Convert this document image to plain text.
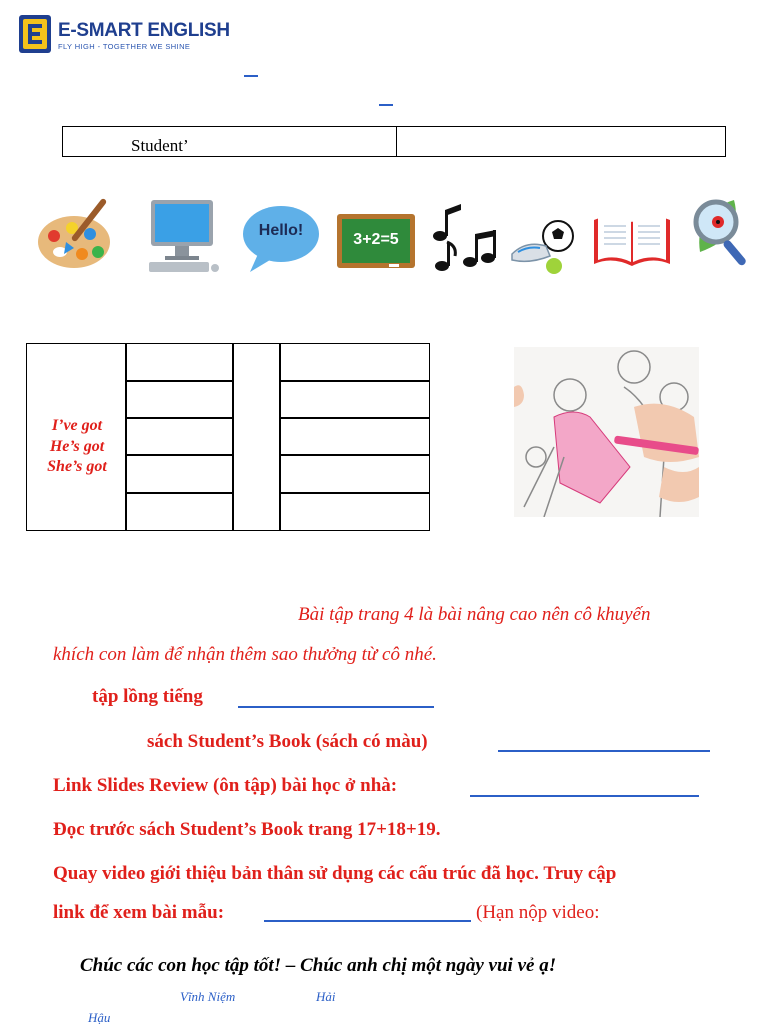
E-SMART ENGLISH
FLY HIGH - TOGETHER WE SHINE
Student’
Hello!
3+2=5
I’ve got
He’s got
She’s got
Bài tập trang 4 là bài nâng cao nên cô khuyến
khích con làm để nhận thêm sao thưởng từ cô nhé.
tập lồng tiếng
sách Student’s Book (sách có màu)
Link Slides Review (ôn tập) bài học ở nhà:
Đọc trước sách Student’s Book trang 17+18+19.
Quay video giới thiệu bản thân sử dụng các cấu trúc đã học. Truy cập
link để xem bài mẫu:	(Hạn nộp video:
Chúc các con học tập tốt! – Chúc anh chị một ngày vui vẻ ạ!
Vĩnh Niệm	Hải
Hậu
